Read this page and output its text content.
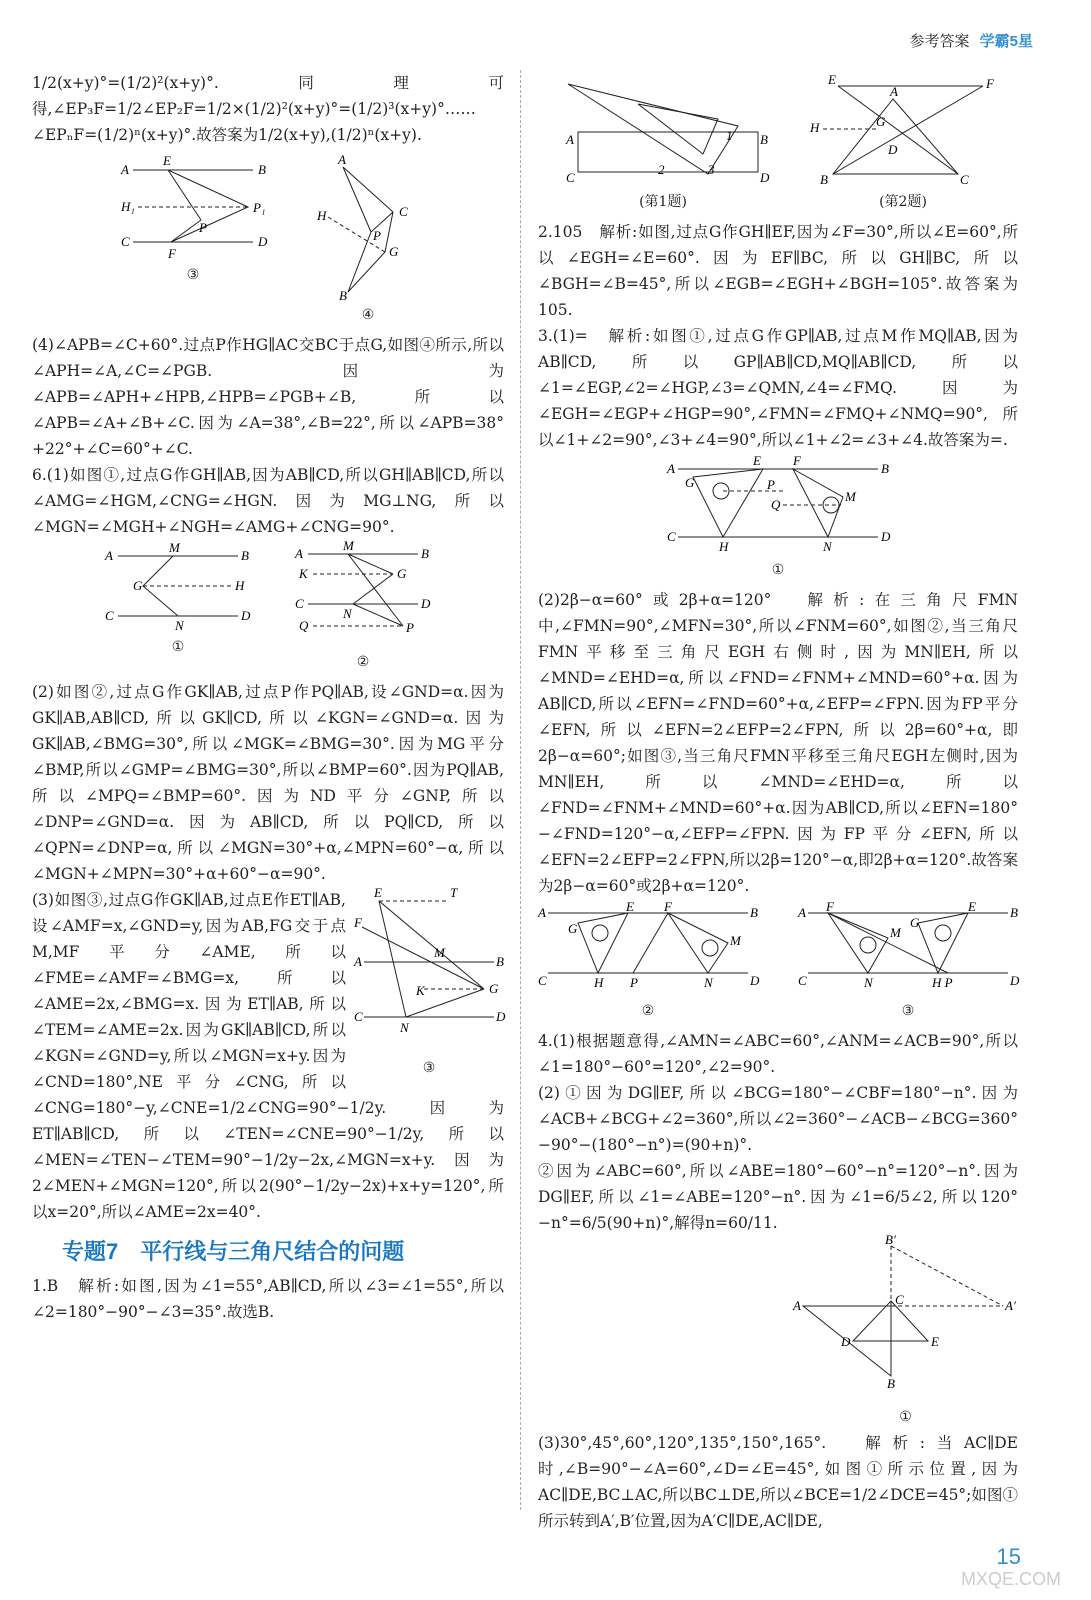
参考答案 学霸5星

1/2(x+y)°=(1/2)²(x+y)°.同理可得,∠EP₃F=1/2∠EP₂F=1/2×(1/2)²(x+y)°=(1/2)³(x+y)°……

∠EPₙF=(1/2)ⁿ(x+y)°.故答案为1/2(x+y),(1/2)ⁿ(x+y).

A	B
H₁	P₁
C	D
E
F
P
③
A
C
H
P
G
B
④

(4)∠APB=∠C+60°.过点P作HG∥AC交BC于点G,如图④所示,所以∠APH=∠A,∠C=∠PGB.因为∠APB=∠APH+∠HPB,∠HPB=∠PGB+∠B,所以∠APB=∠A+∠B+∠C.因为∠A=38°,∠B=22°,所以∠APB=38°+22°+∠C=60°+∠C.

6.(1)如图①,过点G作GH∥AB,因为AB∥CD,所以GH∥AB∥CD,所以∠AMG=∠HGM,∠CNG=∠HGN.因为MG⊥NG,所以∠MGN=∠MGH+∠NGH=∠AMG+∠CNG=90°.

A	B
C	D
M
G	H
N
①
A	B
K	G
C	D
Q	P
M
N
②

(2)如图②,过点G作GK∥AB,过点P作PQ∥AB,设∠GND=α.因为GK∥AB,AB∥CD,所以GK∥CD,所以∠KGN=∠GND=α.因为GK∥AB,∠BMG=30°,所以∠MGK=∠BMG=30°.因为MG平分∠BMP,所以∠GMP=∠BMG=30°,所以∠BMP=60°.因为PQ∥AB,所以∠MPQ=∠BMP=60°.因为ND平分∠GNP,所以∠DNP=∠GND=α.因为AB∥CD,所以PQ∥CD,所以∠QPN=∠DNP=α,所以∠MGN=30°+α,∠MPN=60°−α,所以∠MGN+∠MPN=30°+α+60°−α=90°.

E	T
F
M
A	B
K	G
C	D
N
③

(3)如图③,过点G作GK∥AB,过点E作ET∥AB,设∠AMF=x,∠GND=y,因为AB,FG交于点M,MF平分∠AME,所以∠FME=∠AMF=∠BMG=x,所以∠AME=2x,∠BMG=x.因为ET∥AB,所以∠TEM=∠AME=2x.因为GK∥AB∥CD,所以∠KGN=∠GND=y,所以∠MGN=x+y.因为∠CND=180°,NE平分∠CNG,所以∠CNG=180°−y,∠CNE=1/2∠CNG=90°−1/2y.因为ET∥AB∥CD,所以∠TEN=∠CNE=90°−1/2y,所以∠MEN=∠TEN−∠TEM=90°−1/2y−2x,∠MGN=x+y.因为2∠MEN+∠MGN=120°,所以2(90°−1/2y−2x)+x+y=120°,所以x=20°,所以∠AME=2x=40°.

专题7　平行线与三角尺结合的问题

1.B　解析:如图,因为∠1=55°,AB∥CD,所以∠3=∠1=55°,所以∠2=180°−90°−∠3=35°.故选B.

A	B
C	D
1
2	3
(第1题)
E	F
A
H	G
D
B	C
(第2题)

2.105　解析:如图,过点G作GH∥EF,因为∠F=30°,所以∠E=60°,所以∠EGH=∠E=60°.因为EF∥BC,所以GH∥BC,所以∠BGH=∠B=45°,所以∠EGB=∠EGH+∠BGH=105°.故答案为105.

3.(1)=　解析:如图①,过点G作GP∥AB,过点M作MQ∥AB,因为AB∥CD,所以GP∥AB∥CD,MQ∥AB∥CD,所以∠1=∠EGP,∠2=∠HGP,∠3=∠QMN,∠4=∠FMQ.因为∠EGH=∠EGP+∠HGP=90°,∠FMN=∠FMQ+∠NMQ=90°,所以∠1+∠2=90°,∠3+∠4=90°,所以∠1+∠2=∠3+∠4.故答案为=.

A	B
C	D
G
E F
P
Q
M
H	N
①

(2)2β−α=60°或2β+α=120°　解析:在三角尺FMN中,∠FMN=90°,∠MFN=30°,所以∠FNM=60°,如图②,当三角尺FMN平移至三角尺EGH右侧时,因为MN∥EH,所以∠MND=∠EHD=α,所以∠FND=∠FNM+∠MND=60°+α.因为AB∥CD,所以∠EFN=∠FND=60°+α,∠EFP=∠FPN.因为FP平分∠EFN,所以∠EFN=2∠EFP=2∠FPN,所以2β=60°+α,即2β−α=60°;如图③,当三角尺FMN平移至三角尺EGH左侧时,因为MN∥EH,所以∠MND=∠EHD=α,所以∠FND=∠FNM+∠MND=60°+α.因为AB∥CD,所以∠EFN=180°−∠FND=120°−α,∠EFP=∠FPN.因为FP平分∠EFN,所以∠EFN=2∠EFP=2∠FPN,所以2β=120°−α,即2β+α=120°.故答案为2β−α=60°或2β+α=120°.

A	B
C	D
E F
G
M
H P	N
②
A	B
C	D
F	E
M
G
N	H P
③

4.(1)根据题意得,∠AMN=∠ABC=60°,∠ANM=∠ACB=90°,所以∠1=180°−60°=120°,∠2=90°.

(2)①因为DG∥EF,所以∠BCG=180°−∠CBF=180°−n°.因为∠ACB+∠BCG+∠2=360°,所以∠2=360°−∠ACB−∠BCG=360°−90°−(180°−n°)=(90+n)°.

②因为∠ABC=60°,所以∠ABE=180°−60°−n°=120°−n°.因为DG∥EF,所以∠1=∠ABE=120°−n°.因为∠1=6/5∠2,所以120°−n°=6/5(90+n)°,解得n=60/11.

B′
A′
A	C
D	E
B
①

(3)30°,45°,60°,120°,135°,150°,165°.　解析:当AC∥DE时,∠B=90°−∠A=60°,∠D=∠E=45°,如图①所示位置,因为AC∥DE,BC⊥AC,所以BC⊥DE,所以∠BCE=1/2∠DCE=45°;如图①所示转到A′,B′位置,因为A′C∥DE,AC∥DE,

15
MXQE.COM
